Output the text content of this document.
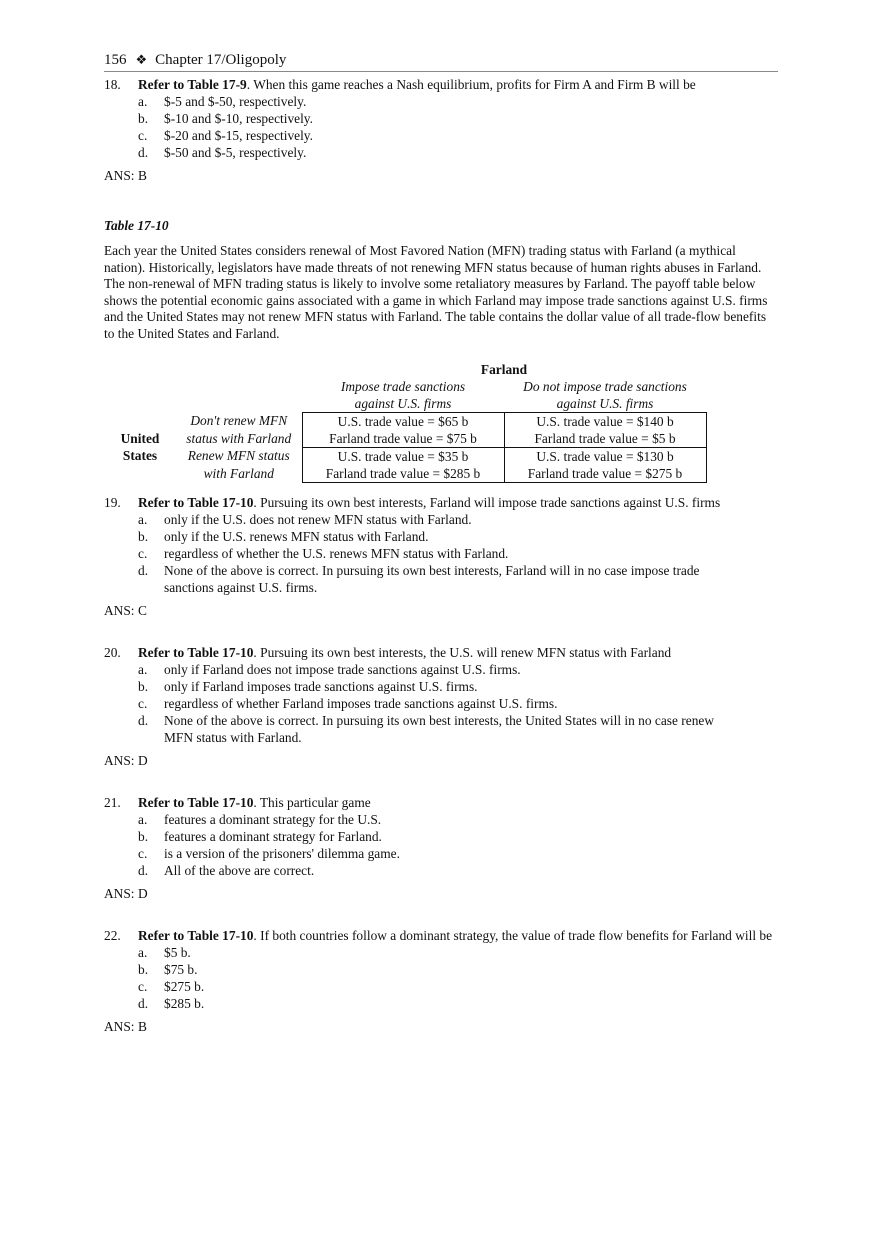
156 ❖ Chapter 17/Oligopoly
18.	Refer to Table 17-9. When this game reaches a Nash equilibrium, profits for Firm A and Firm B will be
a.	$-5 and $-50, respectively.
b.	$-10 and $-10, respectively.
c.	$-20 and $-15, respectively.
d.	$-50 and $-5, respectively.
ANS: B
Table 17-10
Each year the United States considers renewal of Most Favored Nation (MFN) trading status with Farland (a mythical nation). Historically, legislators have made threats of not renewing MFN status because of human rights abuses in Farland. The non-renewal of MFN trading status is likely to involve some retaliatory measures by Farland. The payoff table below shows the potential economic gains associated with a game in which Farland may impose trade sanctions against U.S. firms and the United States may not renew MFN status with Farland. The table contains the dollar value of all trade-flow benefits to the United States and Farland.
		Farland	
		Impose trade sanctions	Do not impose trade sanctions
		against U.S. firms	against U.S. firms
	Don't renew MFN	U.S. trade value = $65 b	U.S. trade value = $140 b
United	status with Farland	Farland trade value = $75 b	Farland trade value = $5 b
States	Renew MFN status	U.S. trade value = $35 b	U.S. trade value = $130 b
	with Farland	Farland trade value = $285 b	Farland trade value = $275 b
19.	Refer to Table 17-10. Pursuing its own best interests, Farland will impose trade sanctions against U.S. firms
a.	only if the U.S. does not renew MFN status with Farland.
b.	only if the U.S. renews MFN status with Farland.
c.	regardless of whether the U.S. renews MFN status with Farland.
d.	None of the above is correct. In pursuing its own best interests, Farland will in no case impose trade sanctions against U.S. firms.
ANS: C
20.	Refer to Table 17-10. Pursuing its own best interests, the U.S. will renew MFN status with Farland
a.	only if Farland does not impose trade sanctions against U.S. firms.
b.	only if Farland imposes trade sanctions against U.S. firms.
c.	regardless of whether Farland imposes trade sanctions against U.S. firms.
d.	None of the above is correct. In pursuing its own best interests, the United States will in no case renew MFN status with Farland.
ANS: D
21.	Refer to Table 17-10. This particular game
a.	features a dominant strategy for the U.S.
b.	features a dominant strategy for Farland.
c.	is a version of the prisoners' dilemma game.
d.	All of the above are correct.
ANS: D
22.	Refer to Table 17-10. If both countries follow a dominant strategy, the value of trade flow benefits for Farland will be
a.	$5 b.
b.	$75 b.
c.	$275 b.
d.	$285 b.
ANS: B
